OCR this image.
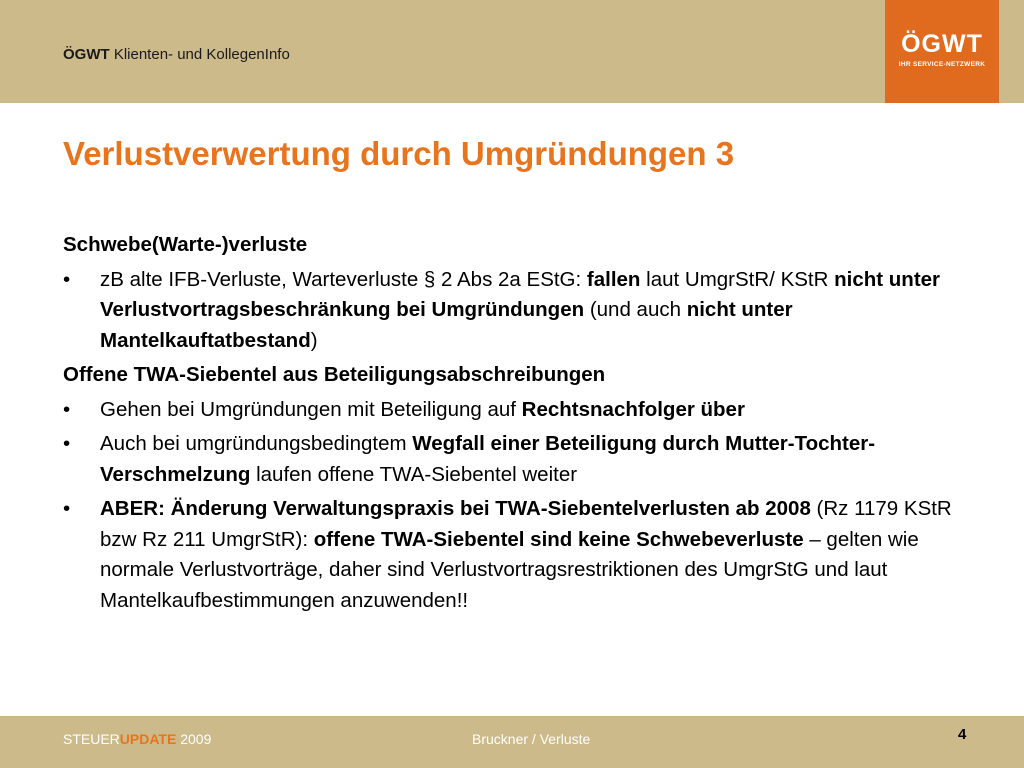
ÖGWT Klienten- und KollegenInfo	ÖGWT
IHR SERVICE-NETZWERK
Verlustverwertung durch Umgründungen 3
Schwebe(Warte-)verluste
• zB alte IFB-Verluste, Warteverluste § 2 Abs 2a EStG: fallen laut UmgrStR/ KStR nicht unter Verlustvortragsbeschränkung bei Umgründungen (und auch nicht unter Mantelkauftatbestand)
Offene TWA-Siebentel aus Beteiligungsabschreibungen
• Gehen bei Umgründungen mit Beteiligung auf Rechtsnachfolger über
• Auch bei umgründungsbedingtem Wegfall einer Beteiligung durch Mutter-Tochter-Verschmelzung laufen offene TWA-Siebentel weiter
• ABER: Änderung Verwaltungspraxis bei TWA-Siebentelverlusten ab 2008 (Rz 1179 KStR bzw Rz 211 UmgrStR): offene TWA-Siebentel sind keine Schwebeverluste – gelten wie normale Verlustvorträge, daher sind Verlustvortragsrestriktionen des UmgrStG und laut Mantelkaufbestimmungen anzuwenden!!
STEUERUPDATE 2009	Bruckner / Verluste	4
